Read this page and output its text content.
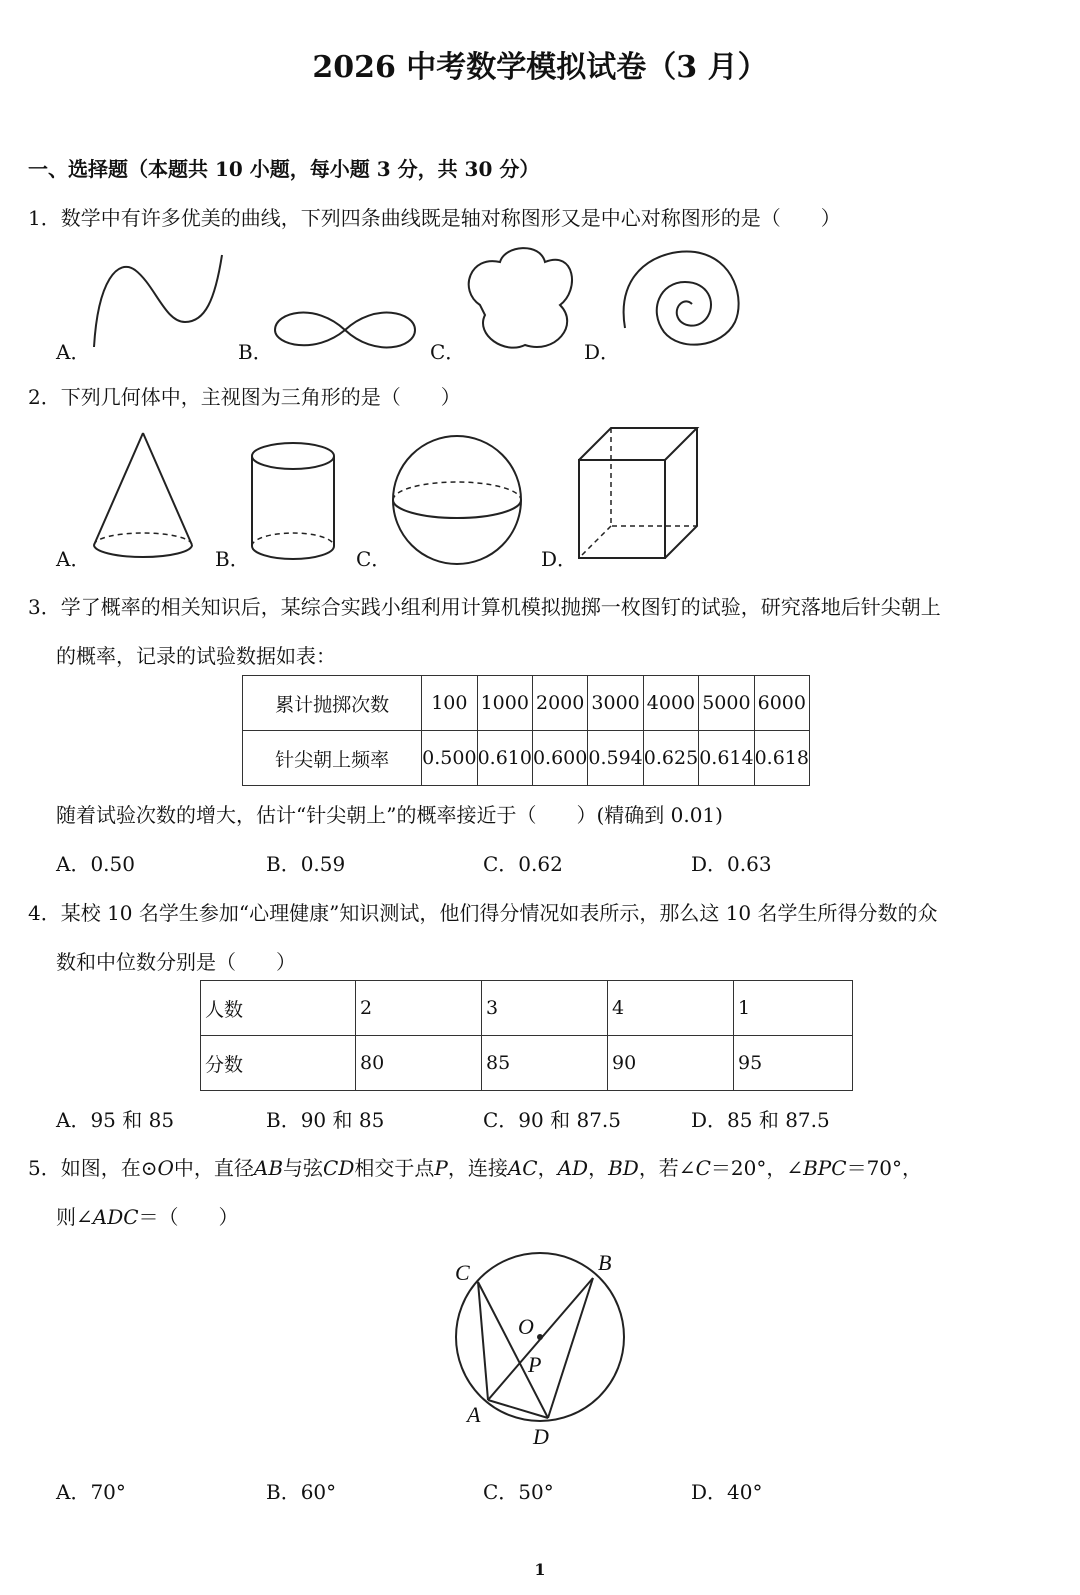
2026 中考数学模拟试卷（3 月）
一、选择题（本题共 10 小题，每小题 3 分，共 30 分）
1．数学中有许多优美的曲线，下列四条曲线既是轴对称图形又是中心对称图形的是（　　）
A．	B．	C．	D．
2．下列几何体中，主视图为三角形的是（　　）
A．	B．	C．	D．
3．学了概率的相关知识后，某综合实践小组利用计算机模拟抛掷一枚图钉的试验，研究落地后针尖朝上
的概率，记录的试验数据如表：
累计抛掷次数	100	1000	2000	3000	4000	5000	6000
针尖朝上频率	0.500	0.610	0.600	0.594	0.625	0.614	0.618
随着试验次数的增大，估计“针尖朝上”的概率接近于（　　）(精确到 0.01)
A．0.50	B．0.59	C．0.62	D．0.63
4．某校 10 名学生参加“心理健康”知识测试，他们得分情况如表所示，那么这 10 名学生所得分数的众
数和中位数分别是（　　）
人数	2	3	4	1
分数	80	85	90	95
A．95 和 85	B．90 和 85	C．90 和 87.5	D．85 和 87.5
5．如图，在⊙O中，直径AB与弦CD相交于点P，连接AC，AD，BD，若∠C＝20°，∠BPC＝70°，
则∠ADC＝（　　）
C	B
O
P
A
D
A．70°	B．60°	C．50°	D．40°
1
